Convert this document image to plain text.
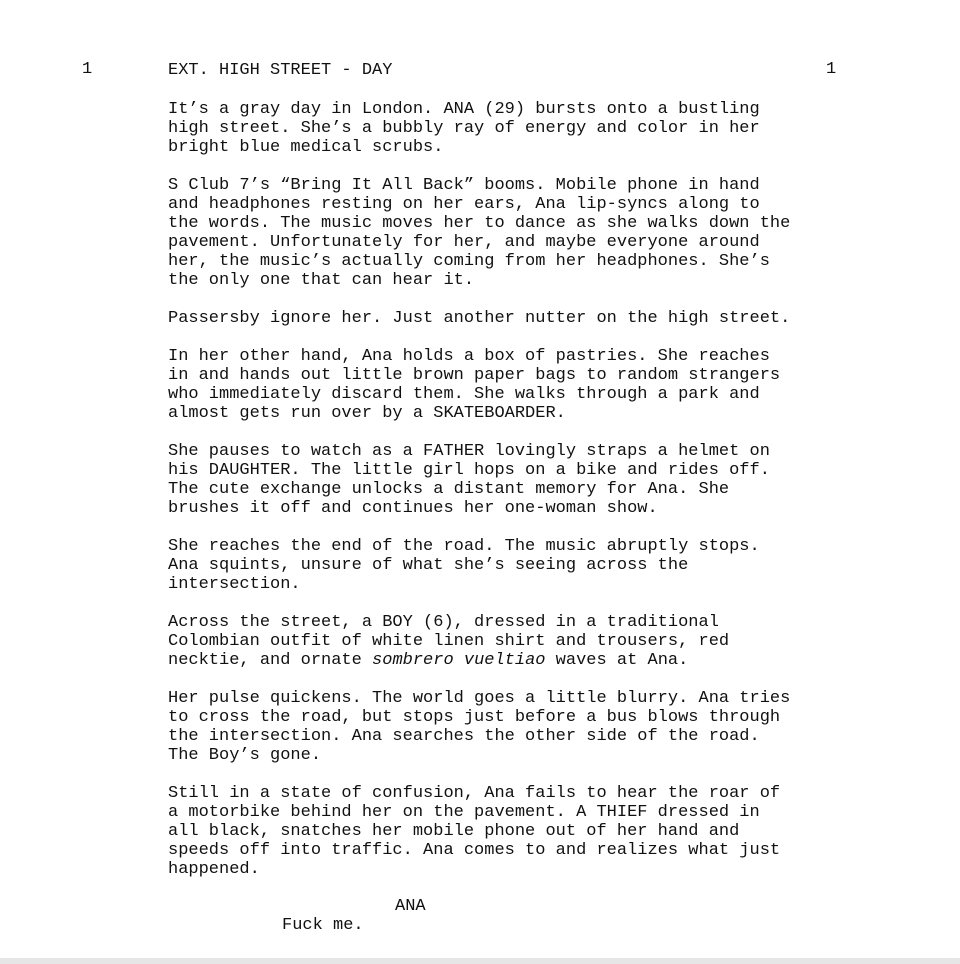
1	EXT. HIGH STREET - DAY	1
It’s a gray day in London. ANA (29) bursts onto a bustling
high street. She’s a bubbly ray of energy and color in her
bright blue medical scrubs.
S Club 7’s “Bring It All Back” booms. Mobile phone in hand
and headphones resting on her ears, Ana lip-syncs along to
the words. The music moves her to dance as she walks down the
pavement. Unfortunately for her, and maybe everyone around
her, the music’s actually coming from her headphones. She’s
the only one that can hear it.
Passersby ignore her. Just another nutter on the high street.
In her other hand, Ana holds a box of pastries. She reaches
in and hands out little brown paper bags to random strangers
who immediately discard them. She walks through a park and
almost gets run over by a SKATEBOARDER.
She pauses to watch as a FATHER lovingly straps a helmet on
his DAUGHTER. The little girl hops on a bike and rides off.
The cute exchange unlocks a distant memory for Ana. She
brushes it off and continues her one-woman show.
She reaches the end of the road. The music abruptly stops.
Ana squints, unsure of what she’s seeing across the
intersection.
Across the street, a BOY (6), dressed in a traditional
Colombian outfit of white linen shirt and trousers, red
necktie, and ornate sombrero vueltiao waves at Ana.
Her pulse quickens. The world goes a little blurry. Ana tries
to cross the road, but stops just before a bus blows through
the intersection. Ana searches the other side of the road.
The Boy’s gone.
Still in a state of confusion, Ana fails to hear the roar of
a motorbike behind her on the pavement. A THIEF dressed in
all black, snatches her mobile phone out of her hand and
speeds off into traffic. Ana comes to and realizes what just
happened.
ANA
Fuck me.
